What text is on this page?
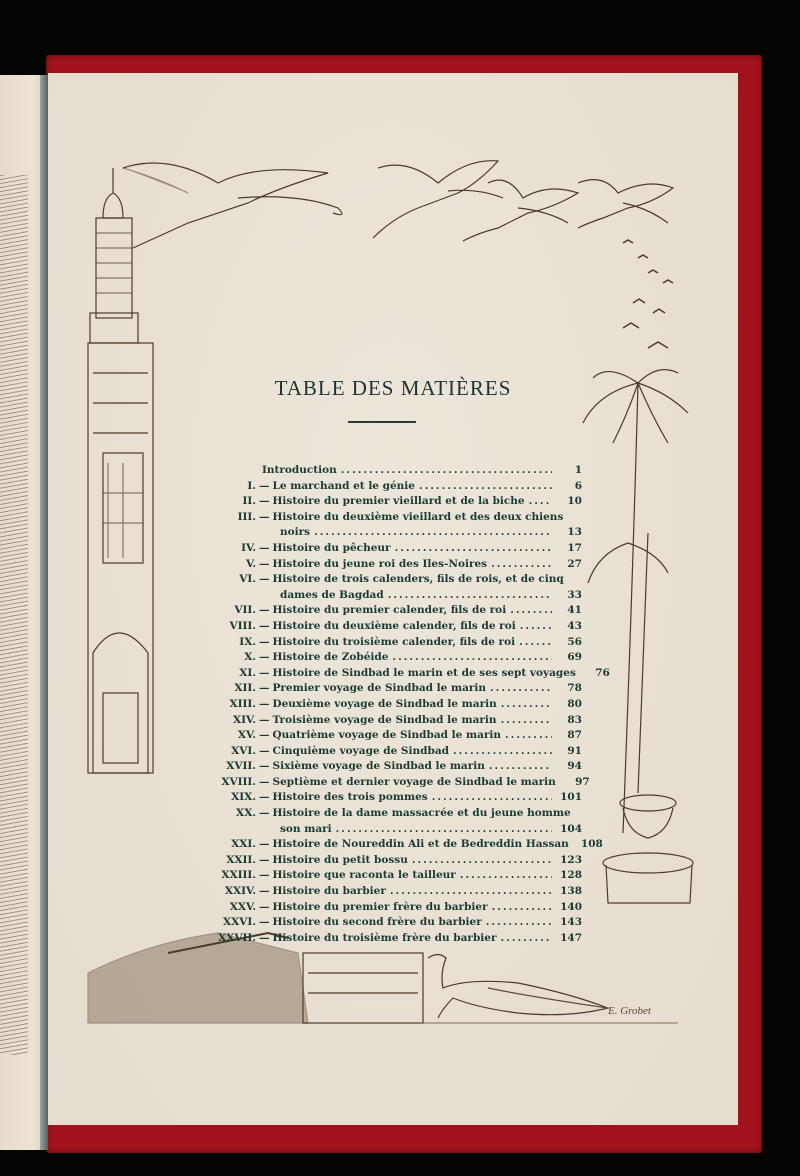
TABLE DES MATIÈRES
Introduction .....	1
I. — Le marchand et le génie .....	6
II. — Histoire du premier vieillard et de la biche .....	10
III. — Histoire du deuxième vieillard et des deux chiens
noirs .....	13
IV. — Histoire du pêcheur .....	17
V. — Histoire du jeune roi des Iles-Noires .....	27
VI. — Histoire de trois calenders, fils de rois, et de cinq
dames de Bagdad .....	33
VII. — Histoire du premier calender, fils de roi .....	41
VIII. — Histoire du deuxième calender, fils de roi .....	43
IX. — Histoire du troisième calender, fils de roi .....	56
X. — Histoire de Zobéide .....	69
XI. — Histoire de Sindbad le marin et de ses sept voyages	76
XII. — Premier voyage de Sindbad le marin .....	78
XIII. — Deuxième voyage de Sindbad le marin .....	80
XIV. — Troisième voyage de Sindbad le marin .....	83
XV. — Quatrième voyage de Sindbad le marin .....	87
XVI. — Cinquième voyage de Sindbad .....	91
XVII. — Sixième voyage de Sindbad le marin .....	94
XVIII. — Septième et dernier voyage de Sindbad le marin	97
XIX. — Histoire des trois pommes .....	101
XX. — Histoire de la dame massacrée et du jeune homme
son mari .....	104
XXI. — Histoire de Noureddin Ali et de Bedreddin Hassan	108
XXII. — Histoire du petit bossu .....	123
XXIII. — Histoire que raconta le tailleur .....	128
XXIV. — Histoire du barbier .....	138
XXV. — Histoire du premier frère du barbier .....	140
XXVI. — Histoire du second frère du barbier .....	143
XXVII. — Histoire du troisième frère du barbier .....	147
E. Grobet
